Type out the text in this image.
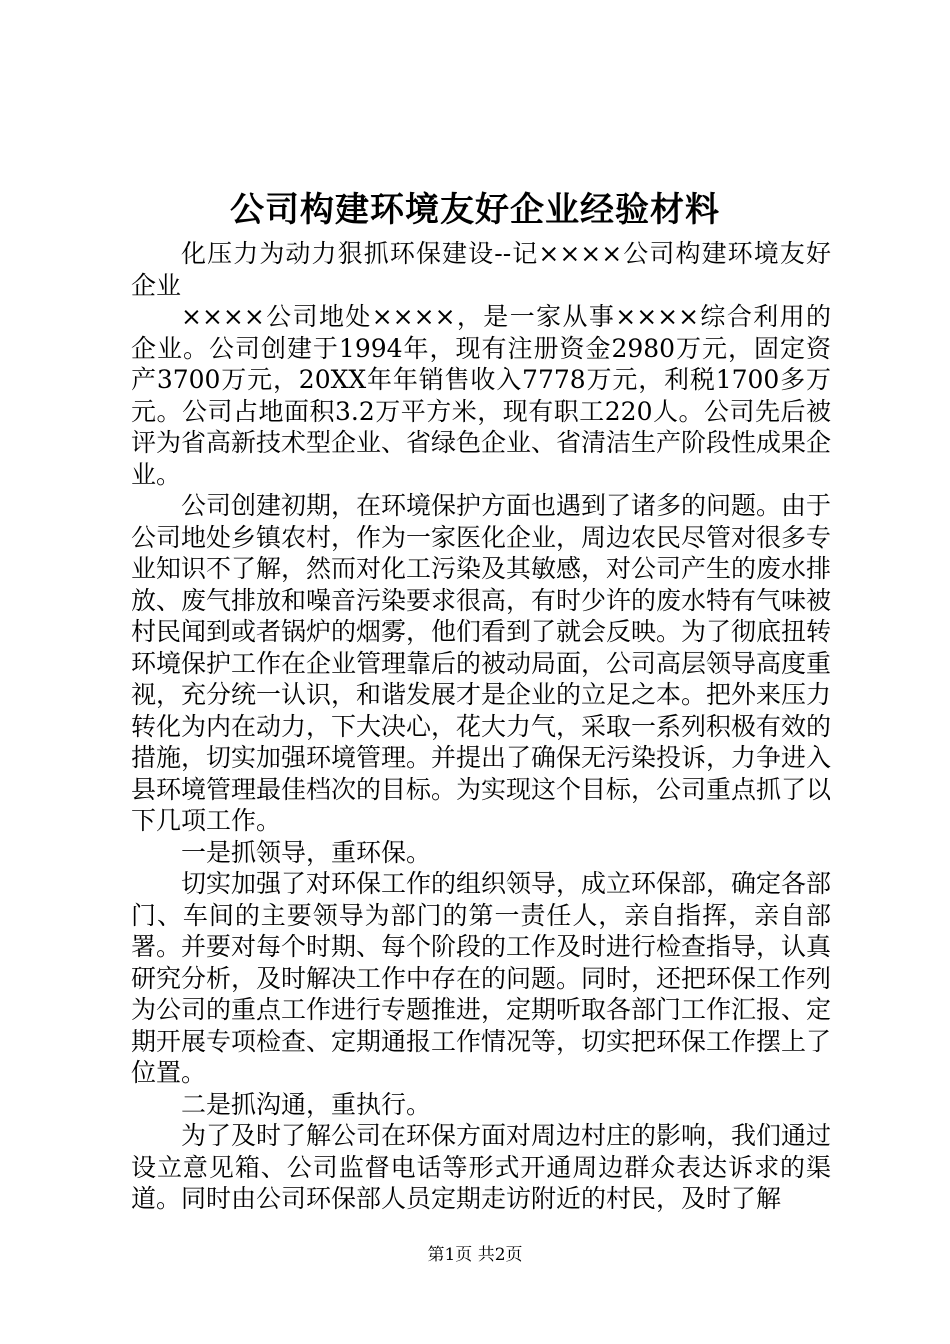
公司构建环境友好企业经验材料

化压力为动力狠抓环保建设--记××××公司构建环境友好企业

××××公司地处××××，是一家从事××××综合利用的企业。公司创建于1994年，现有注册资金2980万元，固定资产3700万元，20XX年年销售收入7778万元，利税1700多万元。公司占地面积3.2万平方米，现有职工220人。公司先后被评为省高新技术型企业、省绿色企业、省清洁生产阶段性成果企业。

公司创建初期，在环境保护方面也遇到了诸多的问题。由于公司地处乡镇农村，作为一家医化企业，周边农民尽管对很多专业知识不了解，然而对化工污染及其敏感，对公司产生的废水排放、废气排放和噪音污染要求很高，有时少许的废水特有气味被村民闻到或者锅炉的烟雾，他们看到了就会反映。为了彻底扭转环境保护工作在企业管理靠后的被动局面，公司高层领导高度重视，充分统一认识，和谐发展才是企业的立足之本。把外来压力转化为内在动力，下大决心，花大力气，采取一系列积极有效的措施，切实加强环境管理。并提出了确保无污染投诉，力争进入县环境管理最佳档次的目标。为实现这个目标，公司重点抓了以下几项工作。

一是抓领导，重环保。

切实加强了对环保工作的组织领导，成立环保部，确定各部门、车间的主要领导为部门的第一责任人，亲自指挥，亲自部署。并要对每个时期、每个阶段的工作及时进行检查指导，认真研究分析，及时解决工作中存在的问题。同时，还把环保工作列为公司的重点工作进行专题推进，定期听取各部门工作汇报、定期开展专项检查、定期通报工作情况等，切实把环保工作摆上了位置。

二是抓沟通，重执行。

为了及时了解公司在环保方面对周边村庄的影响，我们通过设立意见箱、公司监督电话等形式开通周边群众表达诉求的渠道。同时由公司环保部人员定期走访附近的村民，及时了解

第1页 共2页
